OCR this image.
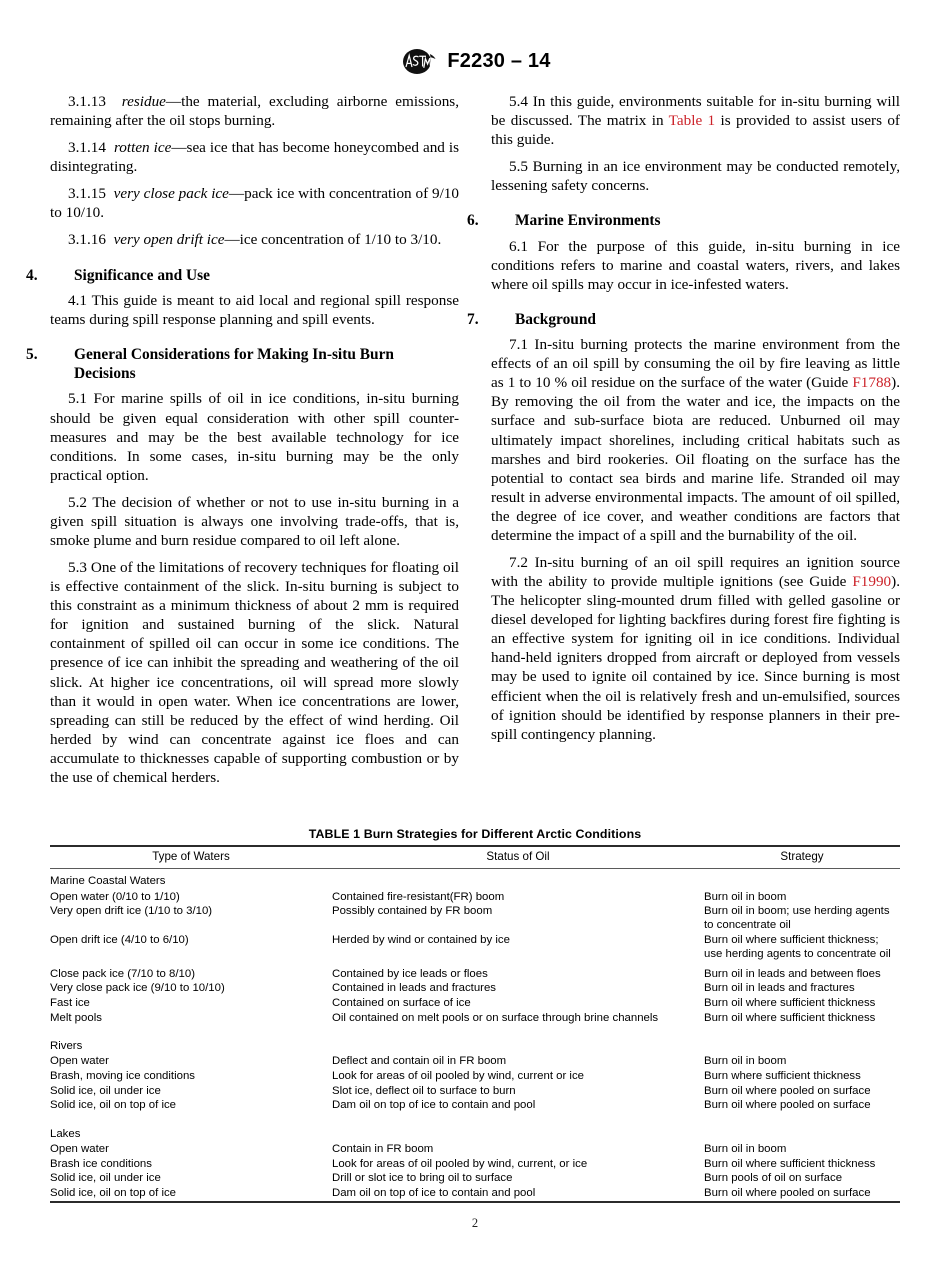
F2230 – 14

3.1.13 residue—the material, excluding airborne emissions, remaining after the oil stops burning.

3.1.14 rotten ice—sea ice that has become honeycombed and is disintegrating.

3.1.15 very close pack ice—pack ice with concentration of 9/10 to 10/10.

3.1.16 very open drift ice—ice concentration of 1/10 to 3/10.

4. Significance and Use

4.1 This guide is meant to aid local and regional spill response teams during spill response planning and spill events.

5. General Considerations for Making In-situ Burn Decisions

5.1 For marine spills of oil in ice conditions, in-situ burning should be given equal consideration with other spill counter-measures and may be the best available technology for ice conditions. In some cases, in-situ burning may be the only practical option.

5.2 The decision of whether or not to use in-situ burning in a given spill situation is always one involving trade-offs, that is, smoke plume and burn residue compared to oil left alone.

5.3 One of the limitations of recovery techniques for floating oil is effective containment of the slick. In-situ burning is subject to this constraint as a minimum thickness of about 2 mm is required for ignition and sustained burning of the slick. Natural containment of spilled oil can occur in some ice conditions. The presence of ice can inhibit the spreading and weathering of the oil slick. At higher ice concentrations, oil will spread more slowly than it would in open water. When ice concentrations are lower, spreading can still be reduced by the effect of wind herding. Oil herded by wind can concentrate against ice floes and can accumulate to thicknesses capable of supporting combustion or by the use of chemical herders.

5.4 In this guide, environments suitable for in-situ burning will be discussed. The matrix in Table 1 is provided to assist users of this guide.

5.5 Burning in an ice environment may be conducted remotely, lessening safety concerns.

6. Marine Environments

6.1 For the purpose of this guide, in-situ burning in ice conditions refers to marine and coastal waters, rivers, and lakes where oil spills may occur in ice-infested waters.

7. Background

7.1 In-situ burning protects the marine environment from the effects of an oil spill by consuming the oil by fire leaving as little as 1 to 10 % oil residue on the surface of the water (Guide F1788). By removing the oil from the water and ice, the impacts on the surface and sub-surface biota are reduced. Unburned oil may ultimately impact shorelines, including critical habitats such as marshes and bird rookeries. Oil floating on the surface has the potential to contact sea birds and marine life. Stranded oil may result in adverse environmental impacts. The amount of oil spilled, the degree of ice cover, and weather conditions are factors that determine the impact of a spill and the burnability of the oil.

7.2 In-situ burning of an oil spill requires an ignition source with the ability to provide multiple ignitions (see Guide F1990). The helicopter sling-mounted drum filled with gelled gasoline or diesel developed for lighting backfires during forest fire fighting is an effective system for igniting oil in ice conditions. Individual hand-held igniters dropped from aircraft or deployed from vessels may be used to ignite oil contained by ice. Since burning is most efficient when the oil is relatively fresh and un-emulsified, sources of ignition should be identified by response planners in their pre-spill contingency planning.

TABLE 1 Burn Strategies for Different Arctic Conditions
Type of Waters	Status of Oil	Strategy
Marine Coastal Waters		
Open water (0/10 to 1/10)	Contained fire-resistant(FR) boom	Burn oil in boom

Very open drift ice (1/10 to 3/10)	Possibly contained by FR boom	Burn oil in boom; use herding agents to concentrate oil

Open drift ice (4/10 to 6/10)	Herded by wind or contained by ice	Burn oil where sufficient thickness; use herding agents to concentrate oil

Close pack ice (7/10 to 8/10)	Contained by ice leads or floes	Burn oil in leads and between floes

Very close pack ice (9/10 to 10/10)	Contained in leads and fractures	Burn oil in leads and fractures

Fast ice	Contained on surface of ice	Burn oil where sufficient thickness

Melt pools	Oil contained on melt pools or on surface through brine channels	Burn oil where sufficient thickness

Rivers		
Open water	Deflect and contain oil in FR boom	Burn oil in boom

Brash, moving ice conditions	Look for areas of oil pooled by wind, current or ice	Burn where sufficient thickness

Solid ice, oil under ice	Slot ice, deflect oil to surface to burn	Burn oil where pooled on surface

Solid ice, oil on top of ice	Dam oil on top of ice to contain and pool	Burn oil where pooled on surface

Lakes		
Open water	Contain in FR boom	Burn oil in boom

Brash ice conditions	Look for areas of oil pooled by wind, current, or ice	Burn oil where sufficient thickness

Solid ice, oil under ice	Drill or slot ice to bring oil to surface	Burn pools of oil on surface

Solid ice, oil on top of ice	Dam oil on top of ice to contain and pool	Burn oil where pooled on surface
2
